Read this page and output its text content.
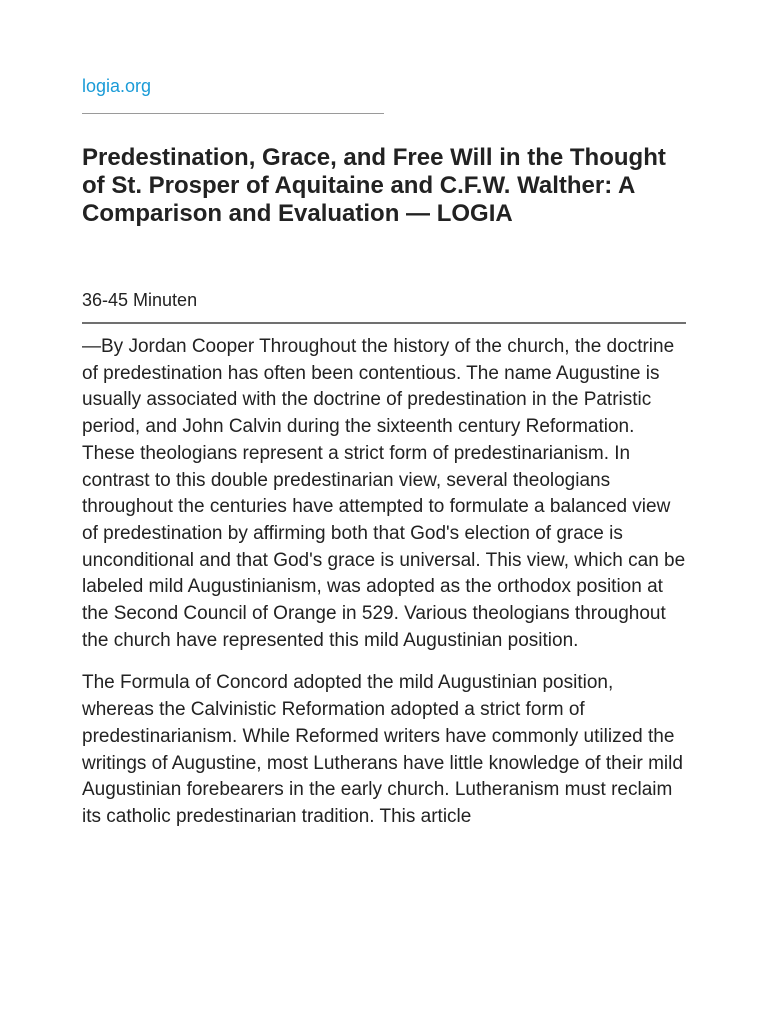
logia.org
Predestination, Grace, and Free Will in the Thought of St. Prosper of Aquitaine and C.F.W. Walther: A Comparison and Evaluation — LOGIA
36-45 Minuten

—By Jordan Cooper Throughout the history of the church, the doctrine of predestination has often been contentious. The name Augustine is usually associated with the doctrine of predestination in the Patristic period, and John Calvin during the sixteenth century Reformation. These theologians represent a strict form of predestinarianism. In contrast to this double predestinarian view, several theologians throughout the centuries have attempted to formulate a balanced view of predestination by affirming both that God's election of grace is unconditional and that God's grace is universal. This view, which can be labeled mild Augustinianism, was adopted as the orthodox position at the Second Council of Orange in 529. Various theologians throughout the church have represented this mild Augustinian position.

The Formula of Concord adopted the mild Augustinian position, whereas the Calvinistic Reformation adopted a strict form of predestinarianism. While Reformed writers have commonly utilized the writings of Augustine, most Lutherans have little knowledge of their mild Augustinian forebearers in the early church. Lutheranism must reclaim its catholic predestinarian tradition. This article
